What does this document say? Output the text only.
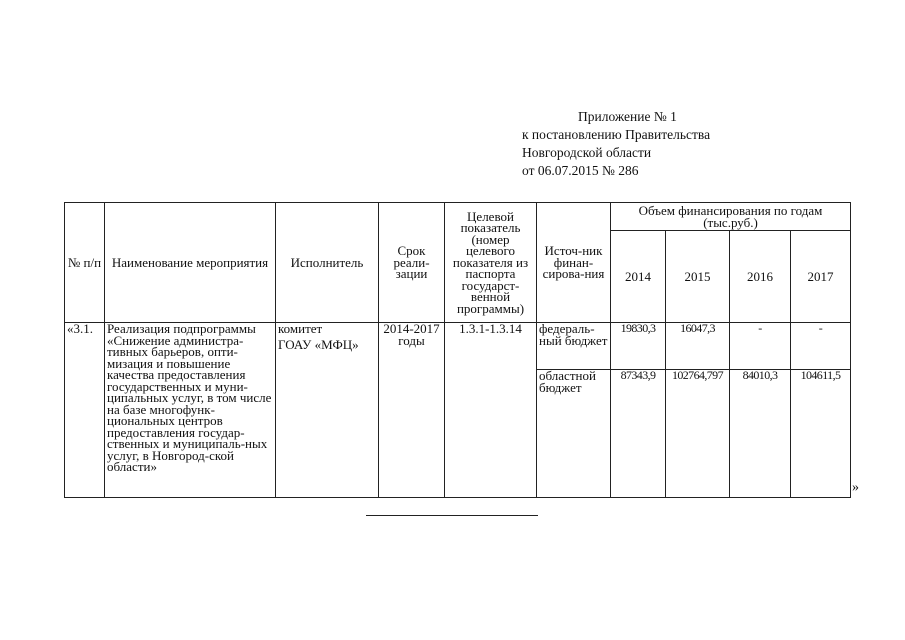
Приложение № 1
к постановлению Правительства
Новгородской области
от 06.07.2015 № 286
№ п/п	Наименование мероприятия	Исполнитель	Срок реали-зации	Целевой показатель (номер целевого показателя из паспорта государст-венной программы)	Источ-ник финан-сирова-ния	Объем финансирования по годам (тыс.руб.)			
						2014	2015	2016	2017
«3.1.	Реализация подпрограммы «Снижение администра-тивных барьеров, опти-мизация и повышение качества предоставления государственных и муни-ципальных услуг, в том числе на базе многофунк-циональных центров предоставления государ-ственных и муниципаль-ных услуг, в Новгород-ской области»	комитет
ГОАУ «МФЦ»	2014-2017 годы	1.3.1-1.3.14	федераль-ный бюджет	19830,3	16047,3	-	-
					областной бюджет	87343,9	102764,797	84010,3	104611,5
»
